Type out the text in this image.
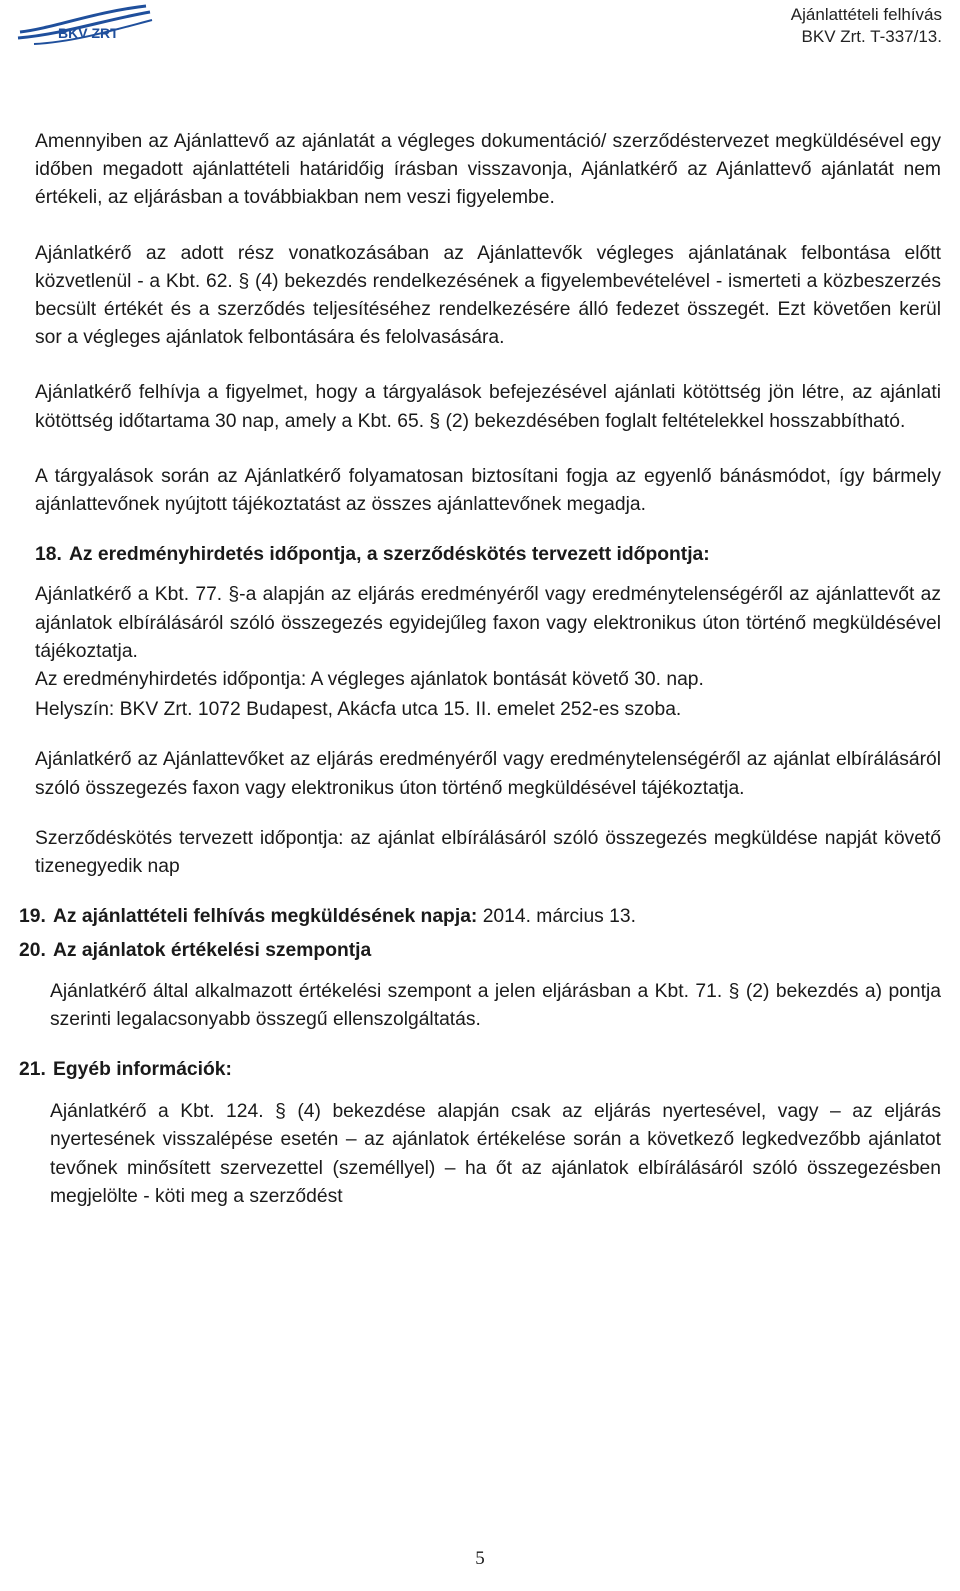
BKV ZRT
Ajánlattételi felhívás
BKV Zrt. T-337/13.

Amennyiben az Ajánlattevő az ajánlatát a végleges dokumentáció/ szerződéstervezet megküldésével egy időben megadott ajánlattételi határidőig írásban visszavonja, Ajánlatkérő az Ajánlattevő ajánlatát nem értékeli, az eljárásban a továbbiakban nem veszi figyelembe.

Ajánlatkérő az adott rész vonatkozásában az Ajánlattevők végleges ajánlatának felbontása előtt közvetlenül - a Kbt. 62. § (4) bekezdés rendelkezésének a figyelembevételével - ismerteti a közbeszerzés becsült értékét és a szerződés teljesítéséhez rendelkezésére álló fedezet összegét. Ezt követően kerül sor a végleges ajánlatok felbontására és felolvasására.

Ajánlatkérő felhívja a figyelmet, hogy a tárgyalások befejezésével ajánlati kötöttség jön létre, az ajánlati kötöttség időtartama 30 nap, amely a Kbt. 65. § (2) bekezdésében foglalt feltételekkel hosszabbítható.

A tárgyalások során az Ajánlatkérő folyamatosan biztosítani fogja az egyenlő bánásmódot, így bármely ajánlattevőnek nyújtott tájékoztatást az összes ajánlattevőnek megadja.

18. Az eredményhirdetés időpontja, a szerződéskötés tervezett időpontja:

Ajánlatkérő a Kbt. 77. §-a alapján az eljárás eredményéről vagy eredménytelenségéről az ajánlattevőt az ajánlatok elbírálásáról szóló összegezés egyidejűleg faxon vagy elektronikus úton történő megküldésével tájékoztatja.

Az eredményhirdetés időpontja: A végleges ajánlatok bontását követő 30. nap.

Helyszín: BKV Zrt. 1072 Budapest, Akácfa utca 15. II. emelet 252-es szoba.

Ajánlatkérő az Ajánlattevőket az eljárás eredményéről vagy eredménytelenségéről az ajánlat elbírálásáról szóló összegezés faxon vagy elektronikus úton történő megküldésével tájékoztatja.

Szerződéskötés tervezett időpontja: az ajánlat elbírálásáról szóló összegezés megküldése napját követő tizenegyedik nap

19. Az ajánlattételi felhívás megküldésének napja: 2014. március 13.
20. Az ajánlatok értékelési szempontja

Ajánlatkérő által alkalmazott értékelési szempont a jelen eljárásban a Kbt. 71. § (2) bekezdés a) pontja szerinti legalacsonyabb összegű ellenszolgáltatás.

21. Egyéb információk:

Ajánlatkérő a Kbt. 124. § (4) bekezdése alapján csak az eljárás nyertesével, vagy – az eljárás nyertesének visszalépése esetén – az ajánlatok értékelése során a következő legkedvezőbb ajánlatot tevőnek minősített szervezettel (személlyel) – ha őt az ajánlatok elbírálásáról szóló összegezésben megjelölte - köti meg a szerződést

5
